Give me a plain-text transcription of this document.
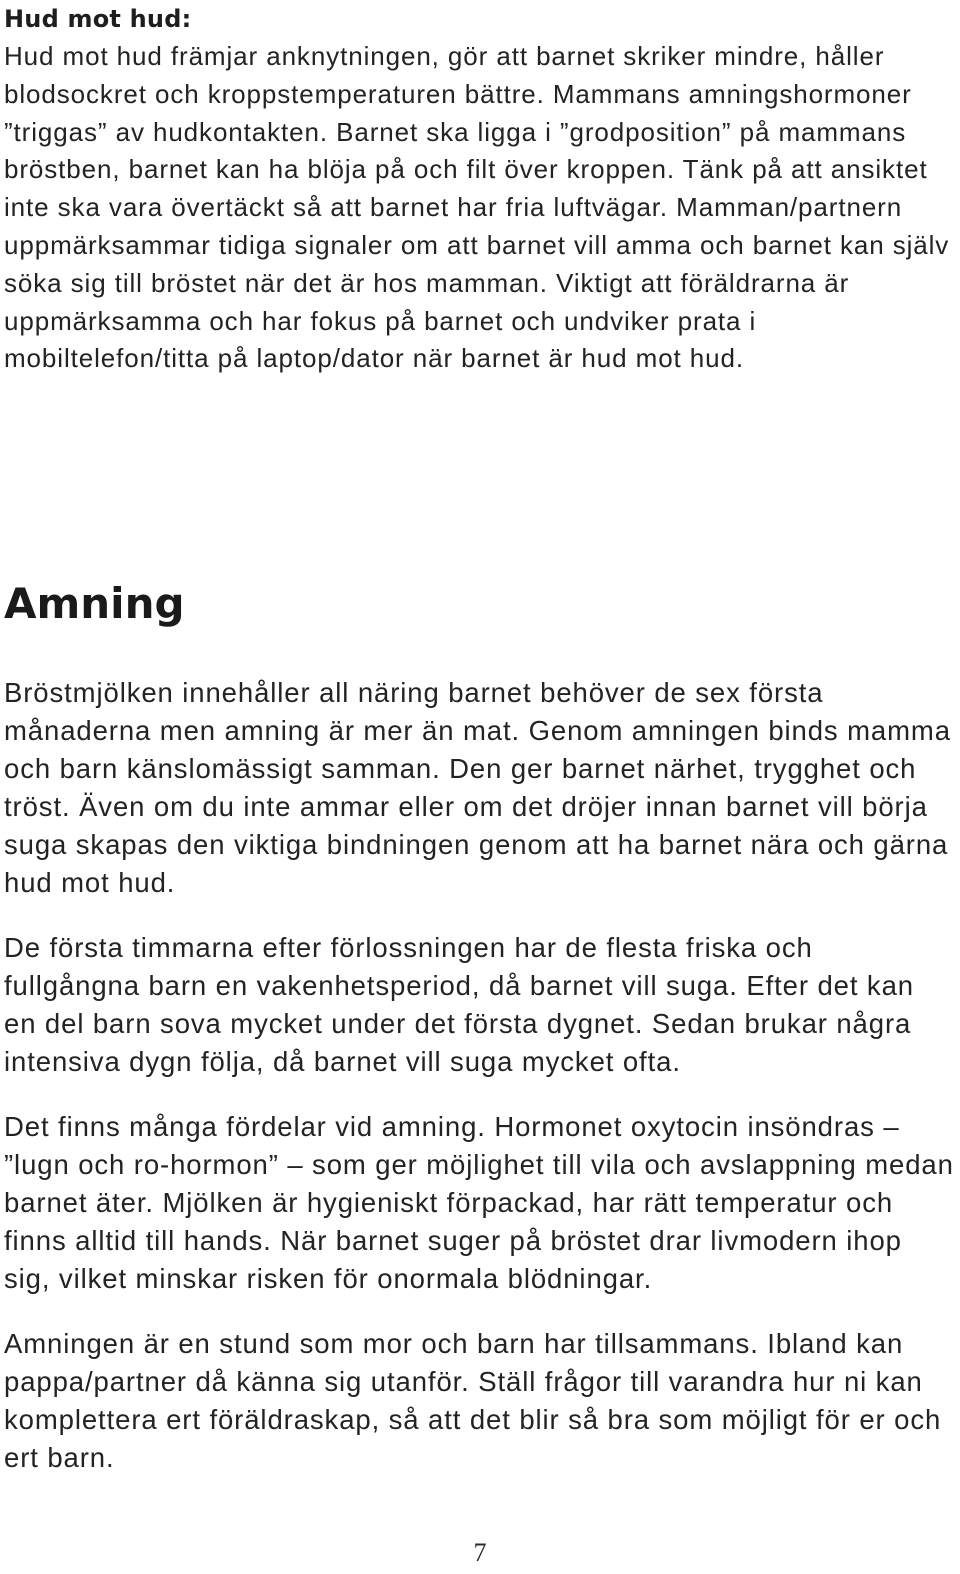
Hud mot hud:

Hud mot hud främjar anknytningen, gör att barnet skriker mindre, håller blodsockret och kroppstemperaturen bättre. Mammans amningshormoner ”triggas” av hudkontakten. Barnet ska ligga i ”grodposition” på mammans bröstben, barnet kan ha blöja på och filt över kroppen. Tänk på att ansiktet inte ska vara övertäckt så att barnet har fria luftvägar. Mamman/partnern uppmärksammar tidiga signaler om att barnet vill amma och barnet kan själv söka sig till bröstet när det är hos mamman. Viktigt att föräldrarna är uppmärksamma och har fokus på barnet och undviker prata i mobiltelefon/titta på laptop/dator när barnet är hud mot hud.

Amning

Bröstmjölken innehåller all näring barnet behöver de sex första månaderna men amning är mer än mat. Genom amningen binds mamma och barn känslomässigt samman. Den ger barnet närhet, trygghet och tröst. Även om du inte ammar eller om det dröjer innan barnet vill börja suga skapas den viktiga bindningen genom att ha barnet nära och gärna hud mot hud.

De första timmarna efter förlossningen har de flesta friska och fullgångna barn en vakenhetsperiod, då barnet vill suga. Efter det kan en del barn sova mycket under det första dygnet. Sedan brukar några intensiva dygn följa, då barnet vill suga mycket ofta.

Det finns många fördelar vid amning. Hormonet oxytocin insöndras – ”lugn och ro-hormon” – som ger möjlighet till vila och avslappning medan barnet äter. Mjölken är hygieniskt förpackad, har rätt temperatur och finns alltid till hands. När barnet suger på bröstet drar livmodern ihop sig, vilket minskar risken för onormala blödningar.

Amningen är en stund som mor och barn har tillsammans. Ibland kan pappa/partner då känna sig utanför. Ställ frågor till varandra hur ni kan komplettera ert föräldraskap, så att det blir så bra som möjligt för er och ert barn.

7
